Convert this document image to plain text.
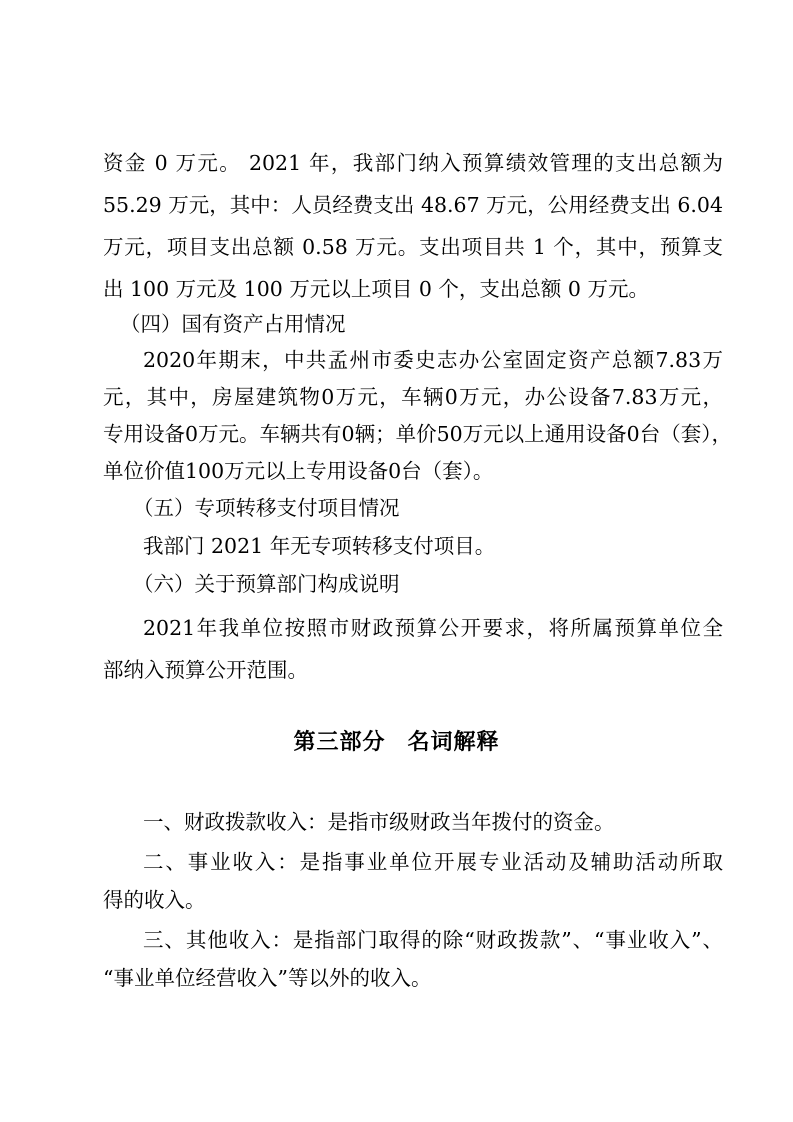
资金 0 万元。 2021 年，我部门纳入预算绩效管理的支出总额为
55.29 万元，其中：人员经费支出 48.67 万元，公用经费支出 6.04
万元，项目支出总额 0.58 万元。支出项目共 1 个，其中，预算支
出 100 万元及 100 万元以上项目 0 个，支出总额 0 万元。
（四）国有资产占用情况
2020年期末，中共孟州市委史志办公室固定资产总额7.83万
元，其中，房屋建筑物0万元，车辆0万元，办公设备7.83万元，
专用设备0万元。车辆共有0辆；单价50万元以上通用设备0台（套），
单位价值100万元以上专用设备0台（套）。
（五）专项转移支付项目情况
我部门 2021 年无专项转移支付项目。
（六）关于预算部门构成说明
2021年我单位按照市财政预算公开要求，将所属预算单位全
部纳入预算公开范围。
第三部分 名词解释
一、财政拨款收入：是指市级财政当年拨付的资金。
二、事业收入：是指事业单位开展专业活动及辅助活动所取
得的收入。
三、其他收入：是指部门取得的除“财政拨款”、“事业收入”、
“事业单位经营收入”等以外的收入。
